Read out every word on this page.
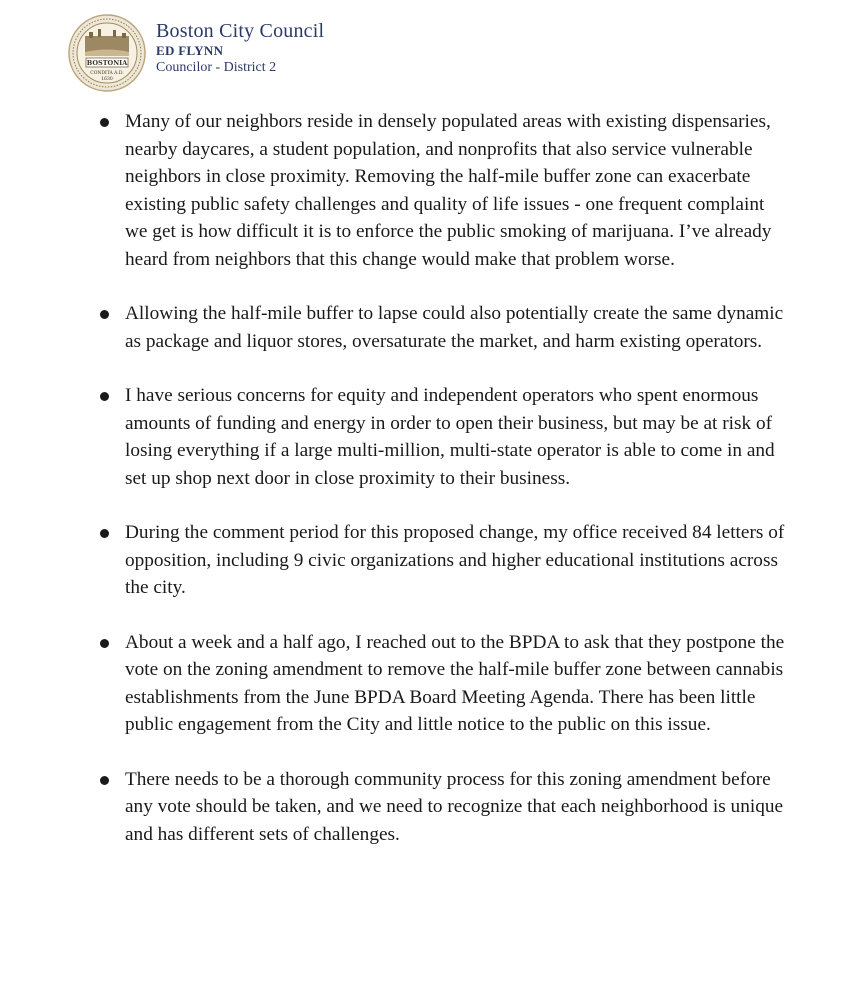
BOSTONIA
CONDITA A.D.
1630
Boston City Council
ED FLYNN
Councilor - District 2
Many of our neighbors reside in densely populated areas with existing dispensaries, nearby daycares, a student population, and nonprofits that also service vulnerable neighbors in close proximity. Removing the half-mile buffer zone can exacerbate existing public safety challenges and quality of life issues - one frequent complaint we get is how difficult it is to enforce the public smoking of marijuana. I’ve already heard from neighbors that this change would make that problem worse.
Allowing the half-mile buffer to lapse could also potentially create the same dynamic as package and liquor stores, oversaturate the market, and harm existing operators.
I have serious concerns for equity and independent operators who spent enormous amounts of funding and energy in order to open their business, but may be at risk of losing everything if a large multi-million, multi-state operator is able to come in and set up shop next door in close proximity to their business.
During the comment period for this proposed change, my office received 84 letters of opposition, including 9 civic organizations and higher educational institutions across the city.
About a week and a half ago, I reached out to the BPDA to ask that they postpone the vote on the zoning amendment to remove the half-mile buffer zone between cannabis establishments from the June BPDA Board Meeting Agenda. There has been little public engagement from the City and little notice to the public on this issue.
There needs to be a thorough community process for this zoning amendment before any vote should be taken, and we need to recognize that each neighborhood is unique and has different sets of challenges.
